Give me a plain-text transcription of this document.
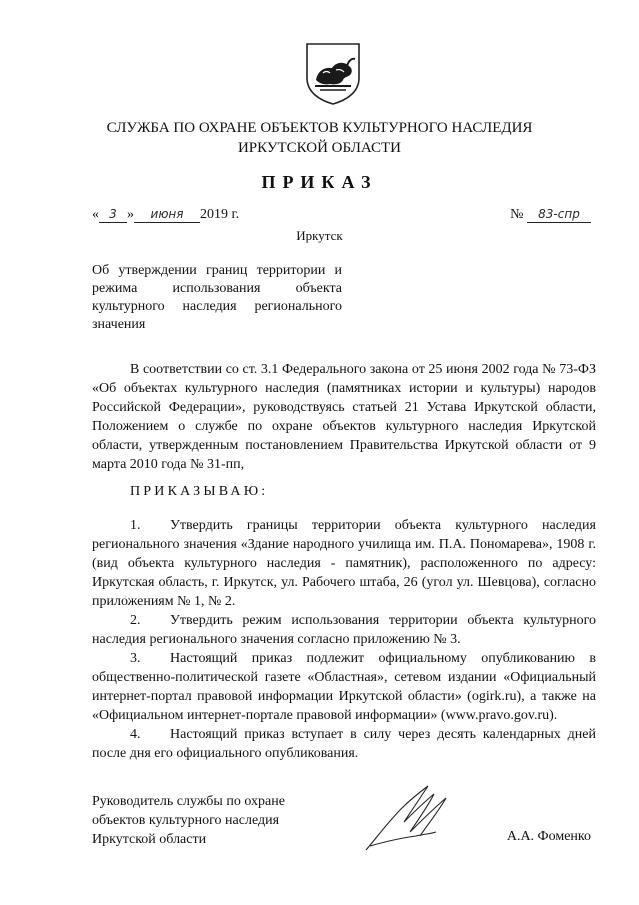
СЛУЖБА ПО ОХРАНЕ ОБЪЕКТОВ КУЛЬТУРНОГО НАСЛЕДИЯ
ИРКУТСКОЙ ОБЛАСТИ
ПРИКАЗ
« 3 » июня 2019 г.	№ 83-спр
Иркутск
Об утверждении границ территории и режима использования объекта культурного наследия регионального значения
В соответствии со ст. 3.1 Федерального закона от 25 июня 2002 года № 73-ФЗ «Об объектах культурного наследия (памятниках истории и культуры) народов Российской Федерации», руководствуясь статьей 21 Устава Иркутской области, Положением о службе по охране объектов культурного наследия Иркутской области, утвержденным постановлением Правительства Иркутской области от 9 марта 2010 года № 31-пп,
ПРИКАЗЫВАЮ:

1. Утвердить границы территории объекта культурного наследия регионального значения «Здание народного училища им. П.А. Пономарева», 1908 г. (вид объекта культурного наследия - памятник), расположенного по адресу: Иркутская область, г. Иркутск, ул. Рабочего штаба, 26 (угол ул. Шевцова), согласно приложениям № 1, № 2.

2. Утвердить режим использования территории объекта культурного наследия регионального значения согласно приложению № 3.

3. Настоящий приказ подлежит официальному опубликованию в общественно-политической газете «Областная», сетевом издании «Официальный интернет-портал правовой информации Иркутской области» (ogirk.ru), а также на «Официальном интернет-портале правовой информации» (www.pravo.gov.ru).

4. Настоящий приказ вступает в силу через десять календарных дней после дня его официального опубликования.

Руководитель службы по охране
объектов культурного наследия
Иркутской области	А.А. Фоменко
